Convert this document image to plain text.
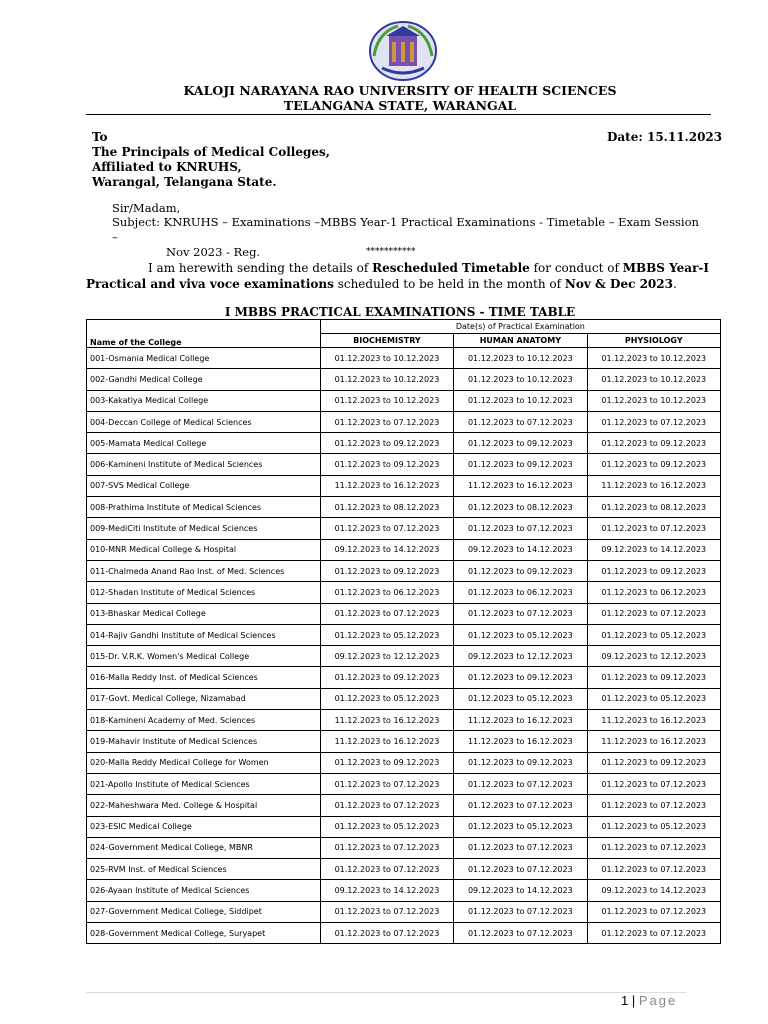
KALOJI NARAYANA RAO UNIVERSITY OF HEALTH SCIENCES
TELANGANA STATE, WARANGAL
To
The Principals of Medical Colleges,
Affiliated to KNRUHS,
Warangal, Telangana State.
Date: 15.11.2023
Sir/Madam,
Subject: KNRUHS – Examinations –MBBS Year-1 Practical Examinations - Timetable – Exam Session –
Nov 2023 - Reg.	***********
I am herewith sending the details of Rescheduled Timetable for conduct of MBBS Year-I Practical and viva voce examinations scheduled to be held in the month of Nov & Dec 2023.
I MBBS PRACTICAL EXAMINATIONS - TIME TABLE
Name of the College	Date(s) of Practical Examination		
	BIOCHEMISTRY	HUMAN ANATOMY	PHYSIOLOGY
001-Osmania Medical College	01.12.2023 to 10.12.2023	01.12.2023 to 10.12.2023	01.12.2023 to 10.12.2023
002-Gandhi Medical College	01.12.2023 to 10.12.2023	01.12.2023 to 10.12.2023	01.12.2023 to 10.12.2023
003-Kakatiya Medical College	01.12.2023 to 10.12.2023	01.12.2023 to 10.12.2023	01.12.2023 to 10.12.2023
004-Deccan College of Medical Sciences	01.12.2023 to 07.12.2023	01.12.2023 to 07.12.2023	01.12.2023 to 07.12.2023
005-Mamata Medical College	01.12.2023 to 09.12.2023	01.12.2023 to 09.12.2023	01.12.2023 to 09.12.2023
006-Kamineni Institute of Medical Sciences	01.12.2023 to 09.12.2023	01.12.2023 to 09.12.2023	01.12.2023 to 09.12.2023
007-SVS Medical College	11.12.2023 to 16.12.2023	11.12.2023 to 16.12.2023	11.12.2023 to 16.12.2023
008-Prathima Institute of Medical Sciences	01.12.2023 to 08.12.2023	01.12.2023 to 08.12.2023	01.12.2023 to 08.12.2023
009-MediCiti Institute of Medical Sciences	01.12.2023 to 07.12.2023	01.12.2023 to 07.12.2023	01.12.2023 to 07.12.2023
010-MNR Medical College & Hospital	09.12.2023 to 14.12.2023	09.12.2023 to 14.12.2023	09.12.2023 to 14.12.2023
011-Chalmeda Anand Rao Inst. of Med. Sciences	01.12.2023 to 09.12.2023	01.12.2023 to 09.12.2023	01.12.2023 to 09.12.2023
012-Shadan Institute of Medical Sciences	01.12.2023 to 06.12.2023	01.12.2023 to 06.12.2023	01.12.2023 to 06.12.2023
013-Bhaskar Medical College	01.12.2023 to 07.12.2023	01.12.2023 to 07.12.2023	01.12.2023 to 07.12.2023
014-Rajiv Gandhi Institute of Medical Sciences	01.12.2023 to 05.12.2023	01.12.2023 to 05.12.2023	01.12.2023 to 05.12.2023
015-Dr. V.R.K. Women's Medical College	09.12.2023 to 12.12.2023	09.12.2023 to 12.12.2023	09.12.2023 to 12.12.2023
016-Malla Reddy Inst. of Medical Sciences	01.12.2023 to 09.12.2023	01.12.2023 to 09.12.2023	01.12.2023 to 09.12.2023
017-Govt. Medical College, Nizamabad	01.12.2023 to 05.12.2023	01.12.2023 to 05.12.2023	01.12.2023 to 05.12.2023
018-Kamineni Academy of Med. Sciences	11.12.2023 to 16.12.2023	11.12.2023 to 16.12.2023	11.12.2023 to 16.12.2023
019-Mahavir Institute of Medical Sciences	11.12.2023 to 16.12.2023	11.12.2023 to 16.12.2023	11.12.2023 to 16.12.2023
020-Malla Reddy Medical College for Women	01.12.2023 to 09.12.2023	01.12.2023 to 09.12.2023	01.12.2023 to 09.12.2023
021-Apollo Institute of Medical Sciences	01.12.2023 to 07.12.2023	01.12.2023 to 07.12.2023	01.12.2023 to 07.12.2023
022-Maheshwara Med. College & Hospital	01.12.2023 to 07.12.2023	01.12.2023 to 07.12.2023	01.12.2023 to 07.12.2023
023-ESIC Medical College	01.12.2023 to 05.12.2023	01.12.2023 to 05.12.2023	01.12.2023 to 05.12.2023
024-Government Medical College, MBNR	01.12.2023 to 07.12.2023	01.12.2023 to 07.12.2023	01.12.2023 to 07.12.2023
025-RVM Inst. of Medical Sciences	01.12.2023 to 07.12.2023	01.12.2023 to 07.12.2023	01.12.2023 to 07.12.2023
026-Ayaan Institute of Medical Sciences	09.12.2023 to 14.12.2023	09.12.2023 to 14.12.2023	09.12.2023 to 14.12.2023
027-Government Medical College, Siddipet	01.12.2023 to 07.12.2023	01.12.2023 to 07.12.2023	01.12.2023 to 07.12.2023
028-Government Medical College, Suryapet	01.12.2023 to 07.12.2023	01.12.2023 to 07.12.2023	01.12.2023 to 07.12.2023
1 | Page
